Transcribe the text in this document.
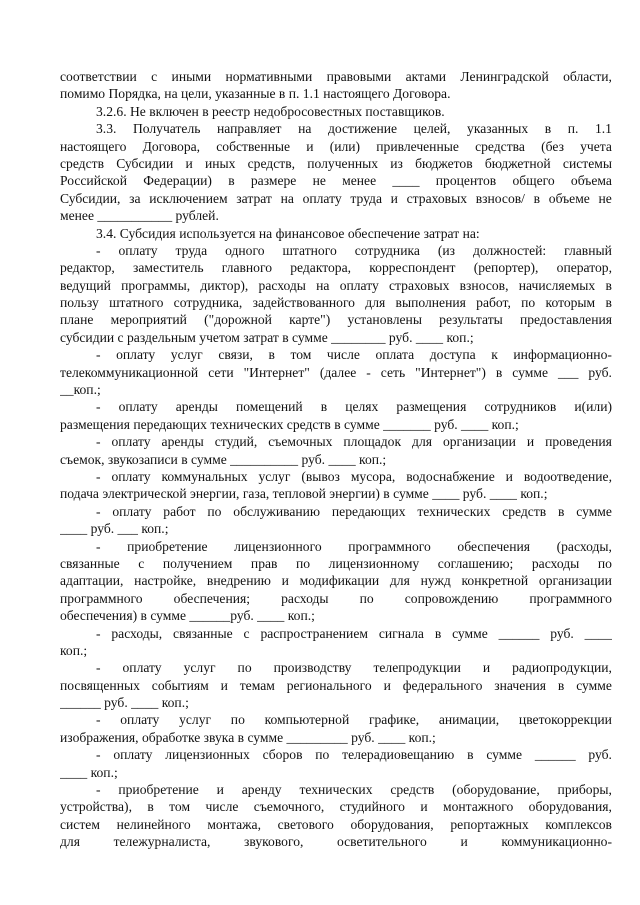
соответствии с иными нормативными правовыми актами Ленинградской области,
помимо Порядка, на цели, указанные в п. 1.1 настоящего Договора.
3.2.6. Не включен в реестр недобросовестных поставщиков.
3.3. Получатель направляет на достижение целей, указанных в п. 1.1
настоящего Договора, собственные и (или) привлеченные средства (без учета
средств Субсидии и иных средств, полученных из бюджетов бюджетной системы
Российской Федерации) в размере не менее ____ процентов общего объема
Субсидии, за исключением затрат на оплату труда и страховых взносов/ в объеме не
менее ___________ рублей.
3.4. Субсидия используется на финансовое обеспечение затрат на:
- оплату труда одного штатного сотрудника (из должностей: главный
редактор, заместитель главного редактора, корреспондент (репортер), оператор,
ведущий программы, диктор), расходы на оплату страховых взносов, начисляемых в
пользу штатного сотрудника, задействованного для выполнения работ, по которым в
плане мероприятий ("дорожной карте") установлены результаты предоставления
субсидии с раздельным учетом затрат в сумме ________ руб. ____ коп.;
- оплату услуг связи, в том числе оплата доступа к информационно-
телекоммуникационной сети "Интернет" (далее - сеть "Интернет") в сумме ___ руб.
__коп.;
- оплату аренды помещений в целях размещения сотрудников и(или)
размещения передающих технических средств в сумме _______ руб. ____ коп.;
- оплату аренды студий, съемочных площадок для организации и проведения
съемок, звукозаписи в сумме __________ руб. ____ коп.;
- оплату коммунальных услуг (вывоз мусора, водоснабжение и водоотведение,
подача электрической энергии, газа, тепловой энергии) в сумме ____ руб. ____ коп.;
- оплату работ по обслуживанию передающих технических средств в сумме
____ руб. ___ коп.;
- приобретение лицензионного программного обеспечения (расходы,
связанные с получением прав по лицензионному соглашению; расходы по
адаптации, настройке, внедрению и модификации для нужд конкретной организации
программного обеспечения; расходы по сопровождению программного
обеспечения) в сумме ______руб. ____ коп.;
- расходы, связанные с распространением сигнала в сумме ______ руб. ____
коп.;
- оплату услуг по производству телепродукции и радиопродукции,
посвященных событиям и темам регионального и федерального значения в сумме
______ руб. ____ коп.;
- оплату услуг по компьютерной графике, анимации, цветокоррекции
изображения, обработке звука в сумме _________ руб. ____ коп.;
- оплату лицензионных сборов по телерадиовещанию в сумме ______ руб.
____ коп.;
- приобретение и аренду технических средств (оборудование, приборы,
устройства), в том числе съемочного, студийного и монтажного оборудования,
систем нелинейного монтажа, светового оборудования, репортажных комплексов
для тележурналиста, звукового, осветительного и коммуникационно-
